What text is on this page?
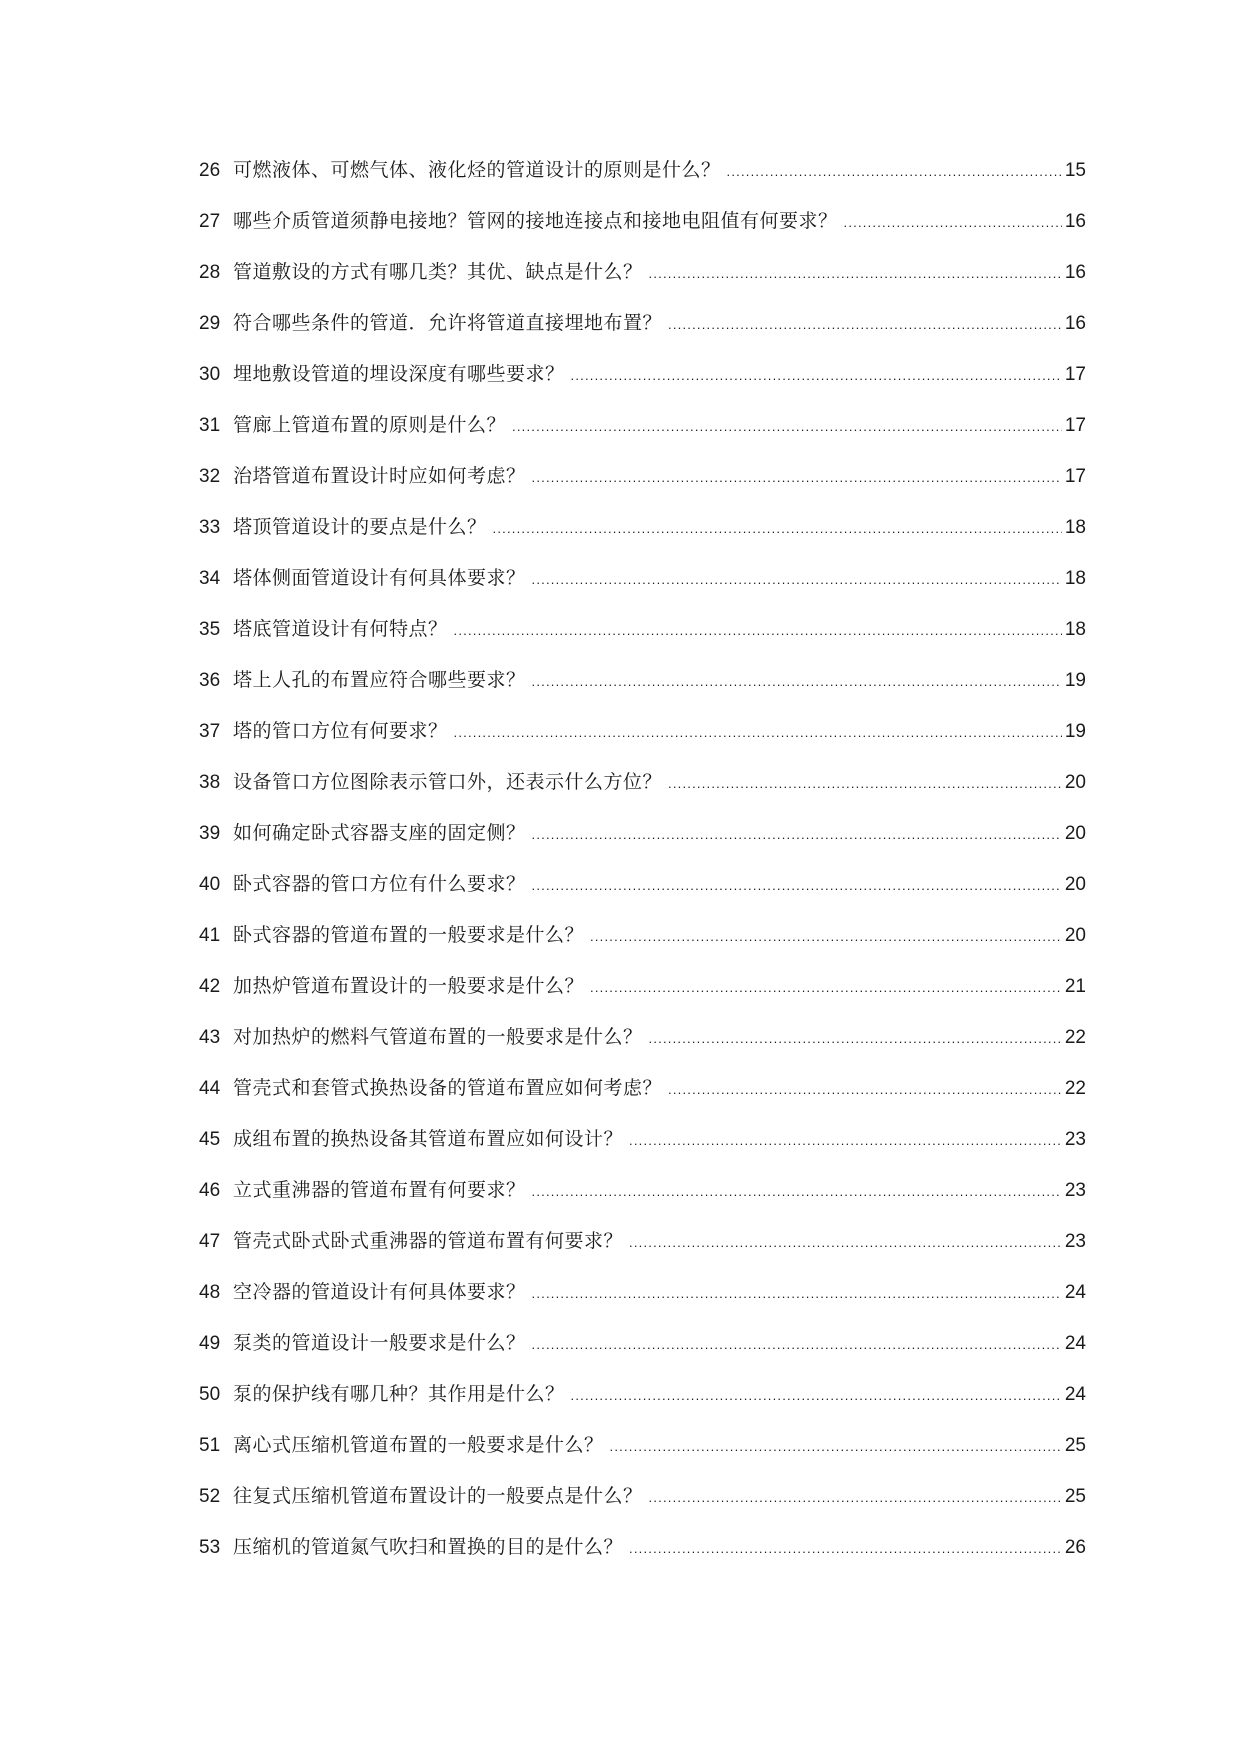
26 可燃液体、可燃气体、液化烃的管道设计的原则是什么？ .....	15
27 哪些介质管道须静电接地？管网的接地连接点和接地电阻值有何要求？ .....	16
28 管道敷设的方式有哪几类？其优、缺点是什么？ .....	16
29 符合哪些条件的管道．允许将管道直接埋地布置？ .....	16
30 埋地敷设管道的埋设深度有哪些要求？ .....	17
31 管廊上管道布置的原则是什么？ .....	17
32 治塔管道布置设计时应如何考虑？ .....	17
33 塔顶管道设计的要点是什么？ .....	18
34 塔体侧面管道设计有何具体要求？ .....	18
35 塔底管道设计有何特点？ .....	18
36 塔上人孔的布置应符合哪些要求？ .....	19
37 塔的管口方位有何要求？ .....	19
38 设备管口方位图除表示管口外，还表示什么方位？ .....	20
39 如何确定卧式容器支座的固定侧？ .....	20
40 卧式容器的管口方位有什么要求？ .....	20
41 卧式容器的管道布置的一般要求是什么？ .....	20
42 加热炉管道布置设计的一般要求是什么？ .....	21
43 对加热炉的燃料气管道布置的一般要求是什么？ .....	22
44 管壳式和套管式换热设备的管道布置应如何考虑？ .....	22
45 成组布置的换热设备其管道布置应如何设计？ .....	23
46 立式重沸器的管道布置有何要求？ .....	23
47 管壳式卧式卧式重沸器的管道布置有何要求？ .....	23
48 空冷器的管道设计有何具体要求？ .....	24
49 泵类的管道设计一般要求是什么？ .....	24
50 泵的保护线有哪几种？其作用是什么？ .....	24
51 离心式压缩机管道布置的一般要求是什么？ .....	25
52 往复式压缩机管道布置设计的一般要点是什么？ .....	25
53 压缩机的管道氮气吹扫和置换的目的是什么？ .....	26
